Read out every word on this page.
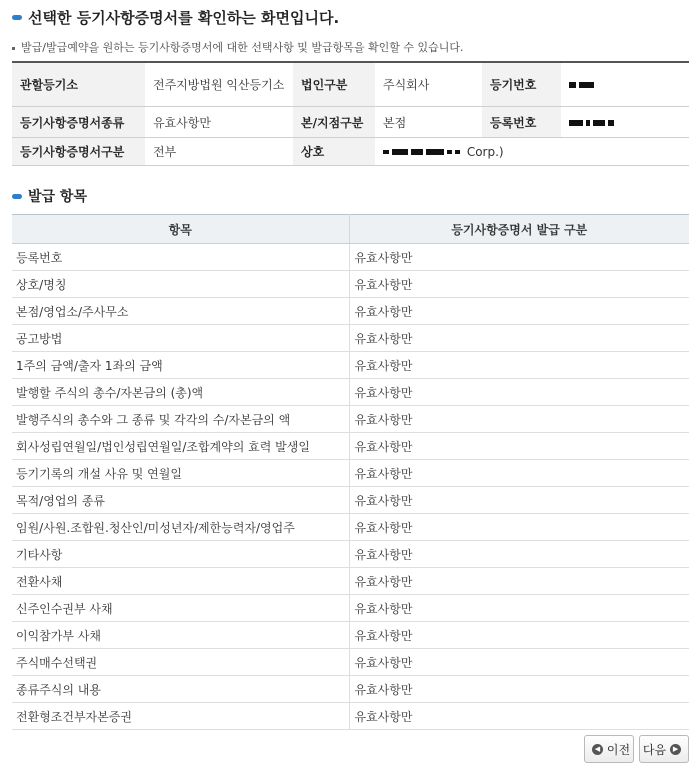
선택한 등기사항증명서를 확인하는 화면입니다.
발급/발급예약을 원하는 등기사항증명서에 대한 선택사항 및 발급항목을 확인할 수 있습니다.
관할등기소	전주지방법원 익산등기소	법인구분	주식회사	등기번호	
등기사항증명서종류	유효사항만	본/지점구분	본점	등록번호	
등기사항증명서구분	전부	상호	Corp.)		
발급 항목
항목	등기사항증명서 발급 구분
등록번호	유효사항만
상호/명칭	유효사항만
본점/영업소/주사무소	유효사항만
공고방법	유효사항만
1주의 금액/출자 1좌의 금액	유효사항만
발행할 주식의 총수/자본금의 (총)액	유효사항만
발행주식의 총수와 그 종류 및 각각의 수/자본금의 액	유효사항만
회사성립연월일/법인성립연월일/조합계약의 효력 발생일	유효사항만
등기기록의 개설 사유 및 연월일	유효사항만
목적/영업의 종류	유효사항만
임원/사원.조합원.청산인/미성년자/제한능력자/영업주	유효사항만
기타사항	유효사항만
전환사채	유효사항만
신주인수권부 사채	유효사항만
이익참가부 사채	유효사항만
주식매수선택권	유효사항만
종류주식의 내용	유효사항만
전환형조건부자본증권	유효사항만
◀ 이전 다음 ▶
